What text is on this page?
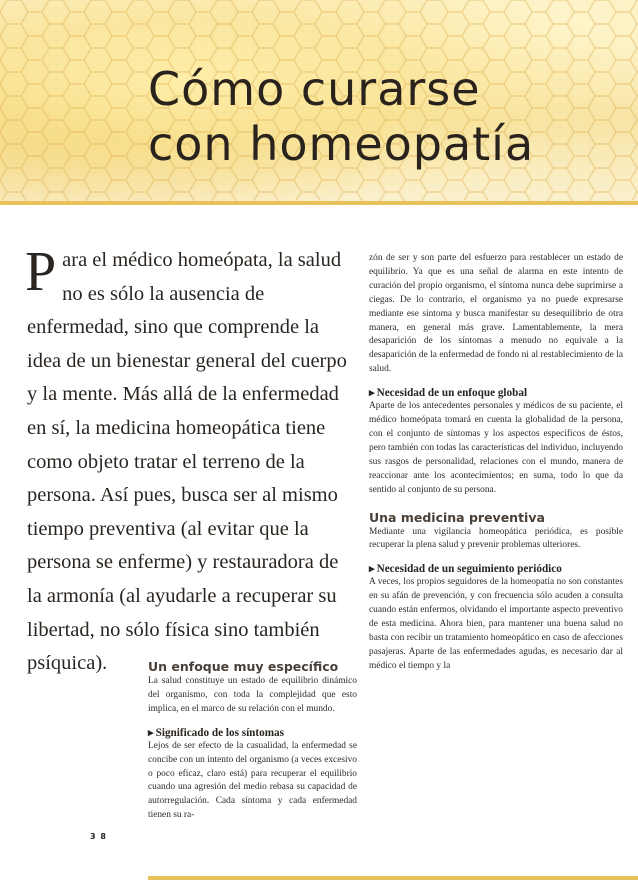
Cómo curarse
con homeopatía
Para el médico homeópata, la salud no es sólo la ausencia de enfermedad, sino que comprende la idea de un bienestar general del cuerpo y la mente. Más allá de la enfermedad en sí, la medicina homeopática tiene como objeto tratar el terreno de la persona. Así pues, busca ser al mismo tiempo preventiva (al evitar que la persona se enferme) y restauradora de la armonía (al ayudarle a recuperar su libertad, no sólo física sino también psíquica).	Un enfoque muy específico

La salud constituye un estado de equilibrio dinámico del organismo, con toda la complejidad que esto implica, en el marco de su relación con el mundo.

▸ Significado de los síntomas

Lejos de ser efecto de la casualidad, la enfermedad se concibe con un intento del organismo (a veces excesivo o poco eficaz, claro está) para recuperar el equilibrio cuando una agresión del medio rebasa su capacidad de autorregulación. Cada síntoma y cada enfermedad tienen su ra-

zón de ser y son parte del esfuerzo para restablecer un estado de equilibrio. Ya que es una señal de alarma en este intento de curación del propio organismo, el síntoma nunca debe suprimirse a ciegas. De lo contrario, el organismo ya no puede expresarse mediante ese síntoma y busca manifestar su desequilibrio de otra manera, en general más grave. Lamentablemente, la mera desaparición de los síntomas a menudo no equivale a la desaparición de la enfermedad de fondo ni al restablecimiento de la salud.

▸ Necesidad de un enfoque global

Aparte de los antecedentes personales y médicos de su paciente, el médico homeópata tomará en cuenta la globalidad de la persona, con el conjunto de síntomas y los aspectos específicos de éstos, pero también con todas las características del individuo, incluyendo sus rasgos de personalidad, relaciones con el mundo, manera de reaccionar ante los acontecimientos; en suma, todo lo que da sentido al conjunto de su persona.

Una medicina preventiva

Mediante una vigilancia homeopática periódica, es posible recuperar la plena salud y prevenir problemas ulteriores.

▸ Necesidad de un seguimiento periódico

A veces, los propios seguidores de la homeopatía no son constantes en su afán de prevención, y con frecuencia sólo acuden a consulta cuando están enfermos, olvidando el importante aspecto preventivo de esta medicina. Ahora bien, para mantener una buena salud no basta con recibir un tratamiento homeopático en caso de afecciones pasajeras. Aparte de las enfermedades agudas, es necesario dar al médico el tiempo y la

3 8
